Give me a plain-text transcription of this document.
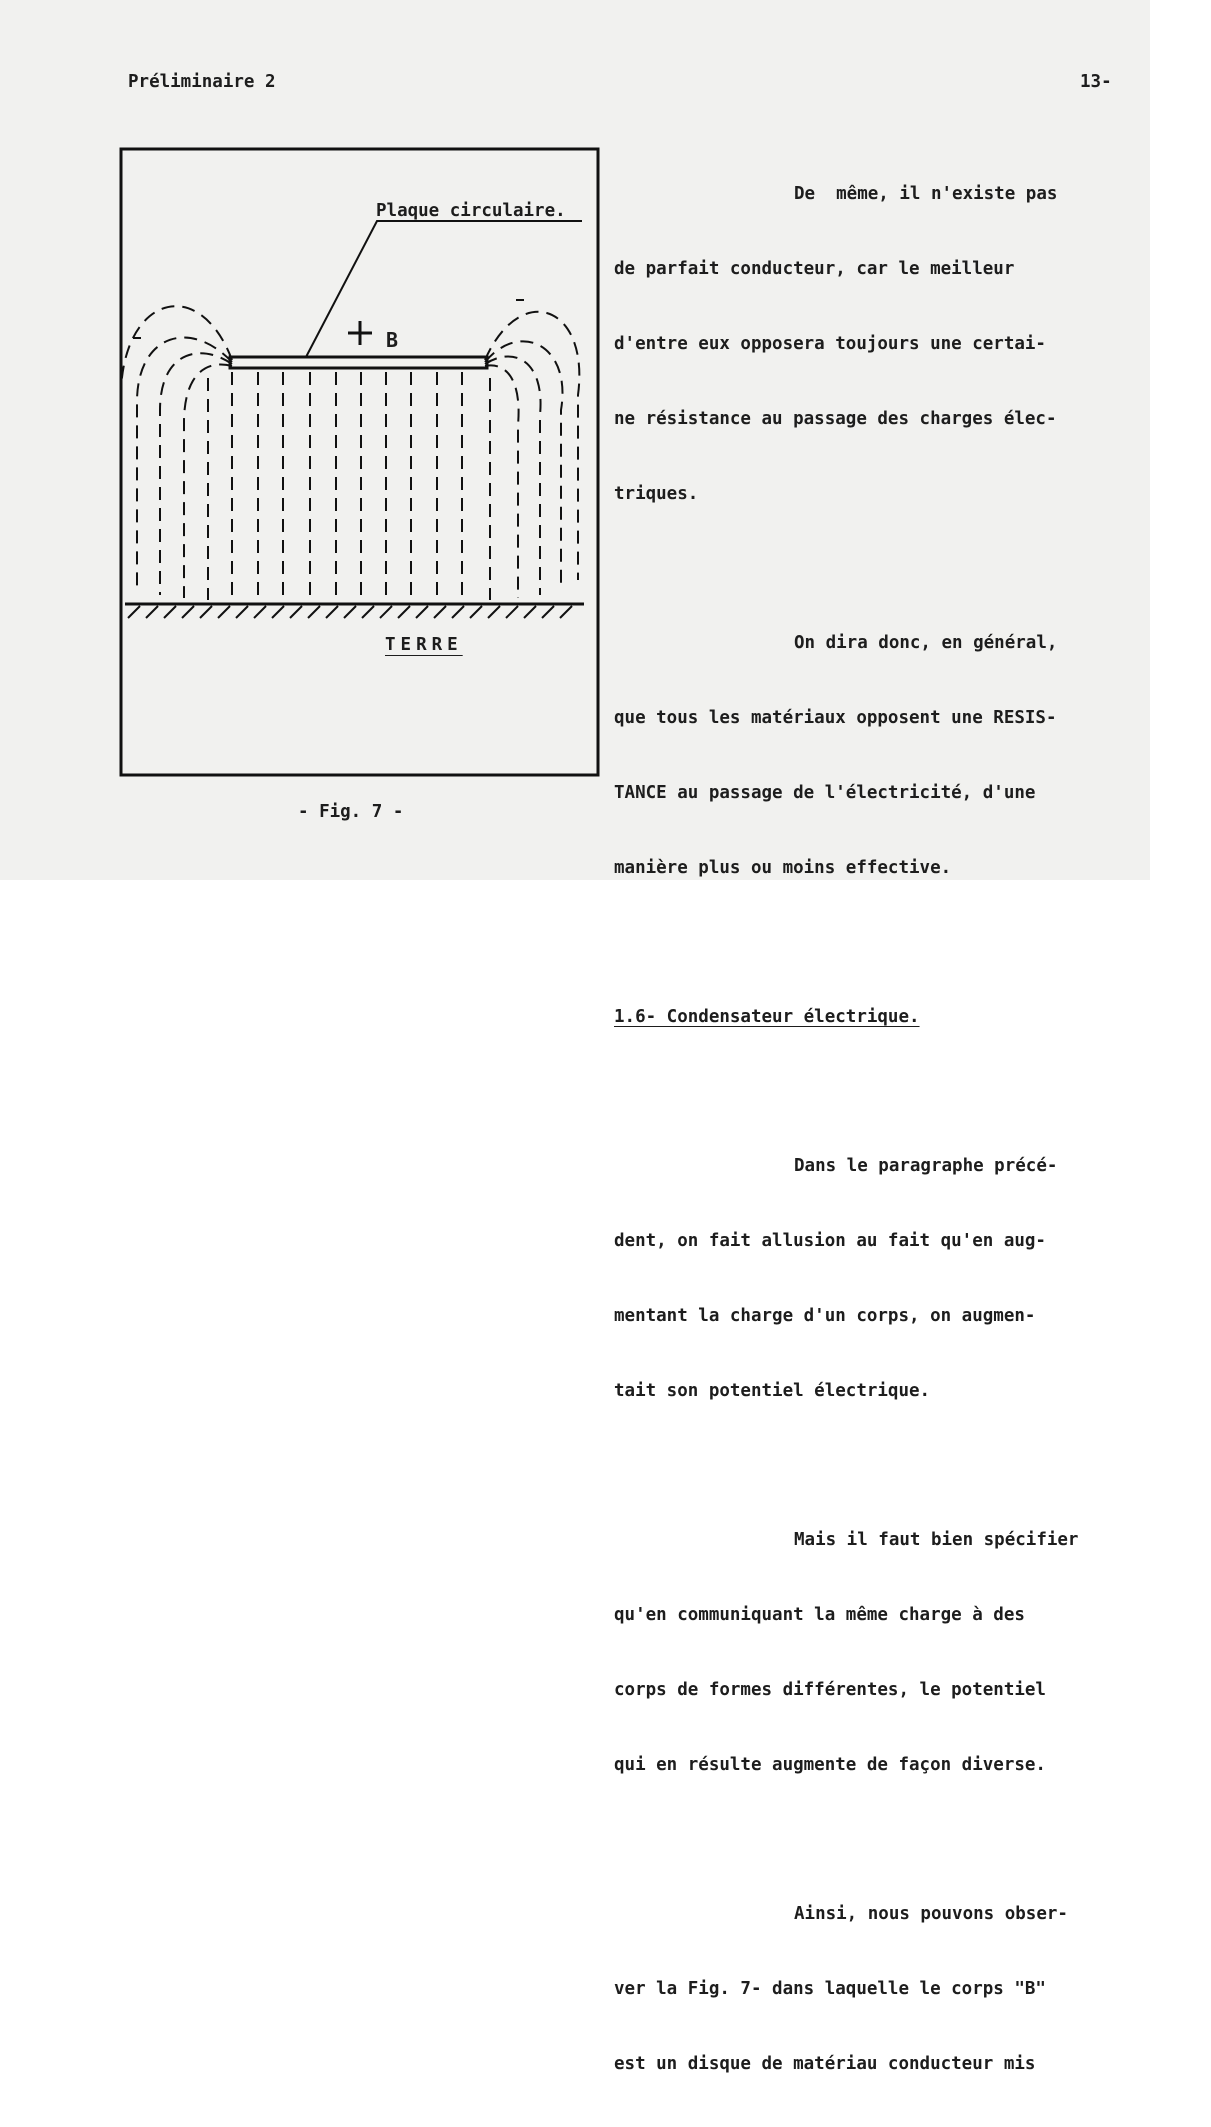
Préliminaire 2	13-
Plaque circulaire.
B
TERRE
- Fig. 7 -

De  même, il n'existe pas

de parfait conducteur, car le meilleur

d'entre eux opposera toujours une certai-

ne résistance au passage des charges élec-

triques.

On dira donc, en général,

que tous les matériaux opposent une RESIS-

TANCE au passage de l'électricité, d'une

manière plus ou moins effective.

1.6- Condensateur électrique.

Dans le paragraphe précé-

dent, on fait allusion au fait qu'en aug-

mentant la charge d'un corps, on augmen-

tait son potentiel électrique.

Mais il faut bien spécifier

qu'en communiquant la même charge à des

corps de formes différentes, le potentiel

qui en résulte augmente de façon diverse.

Ainsi, nous pouvons obser-

ver la Fig. 7- dans laquelle le corps "B"

est un disque de matériau conducteur mis
